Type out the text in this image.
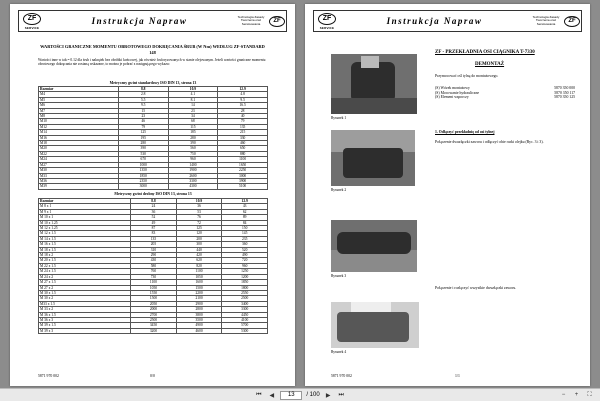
ZF
SERVICE
Instrukcja Napraw	Technologia Zasady Tworzenia oraz Serwisowania	ZF
WARTOŚCI GRANICZNE MOMENTU OBROTOWEGO DOKRĘCANIA ŚRUB (W Nm) WEDŁUG ZF-STANDARD 148
Wartości inne w tab.= 0.12 dla śrub i nakrętek bez obróbki końcowej, jak również fosforyzowanych w stanie olejowanym. Jeżeli wartości graniczne momentu obrotowego dokręcania nie zostaną wskazane, to można je pobrać z następującego wykazu:
Rozmiar	8.8	10.9	12.9
M4	2.8	4.1	4.8
M5	5.5	8.1	9.5
M6	9.5	14	16.5
M7	15	23	28
M8	23	34	40
M10	46	68	79
M12	79	115	135
M14	125	185	215
M16	195	280	330
M18	280	390	460
M20	390	560	650
M22	530	750	880
M24	670	960	1100
M27	1000	1400	1650
M30	1350	1900	2250
M33	1850	2600	3000
M36	2350	3300	3900
M39	3000	4300	5100
Metryczny gwint drobny ISO DIN 13, strona 13
Rozmiar	8.8	10.9	12.9
M 8 x 1	24	36	43
M 9 x 1	36	53	62
M 10 x 1	52	76	89
M 10 x 1.25	49	72	84
M 12 x 1.25	87	125	150
M 12 x 1.5	83	120	145
M 14 x 1.5	135	200	235
M 16 x 1.5	205	300	360
M 18 x 1.5	310	440	520
M 18 x 2	290	420	490
M 20 x 1.5	430	620	720
M 22 x 1.5	580	820	960
M 24 x 1.5	760	1100	1250
M 24 x 2	730	1050	1200
M 27 x 1.5	1100	1600	1850
M 27 x 2	1050	1500	1800
M 30 x 1.5	1550	2200	2550
M 30 x 2	1500	2100	2500
M33 x 1.5	2050	2900	3400
M 33 x 2	2000	2800	3300
M 36 x 1.5	2700	3800	4450
M 36 x 3	2500	3500	4100
M 39 x 1.5	3450	4900	5700
M 39 x 3	3200	4600	5300
Metryczny gwint standardowy ISO DIN 13, strona 13
5871 970 002	0/0
ZF
SERVICE
Instrukcja Napraw	Technologia Zasady Tworzenia oraz Serwisowania	ZF
ZF - PRZEKŁADNIA OSI CIĄGNIKA T-7330
DEMONTAŻ
Rysunek 1
Rysunek 2
Rysunek 3
Rysunek 4
Przymocować ośl tylną do montażowego.
(S) Wózek montażowy	5870 350 000
(S) Mocowanie hydrauliczne	5870 350 117
(S) Element wsporczy	5870 350 125
1. Odłączyć przekładnię od osi tylnej
Połączenie dwuzłączki zaworu i odłączyć obie rurki olejku (Ryc. 3 i 3).
Połączenie i rozłączyć wszystkie dwuzłączki zaworu.
5871 970 002	1/1
⏮	◀	13	/ 100	▶	⏭	−	+	⛶
